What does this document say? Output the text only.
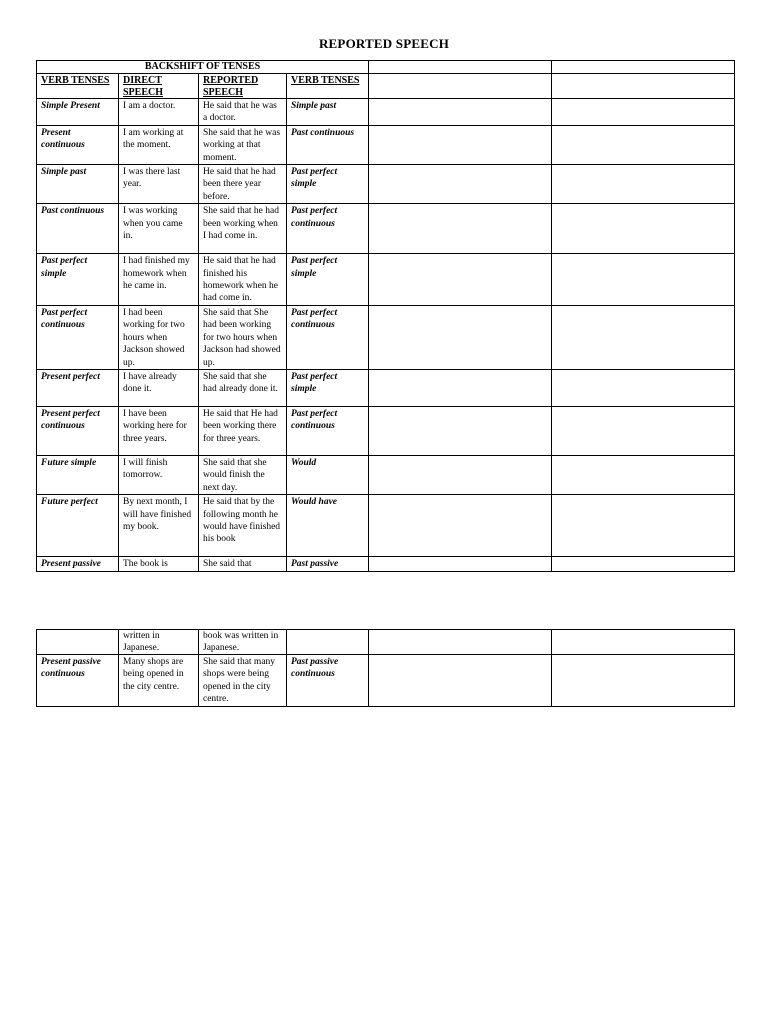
REPORTED SPEECH
BACKSHIFT OF TENSES					
VERB TENSES	DIRECT SPEECH	REPORTED SPEECH	VERB TENSES		
Simple Present	I am a doctor.	He said that he was a doctor.	Simple past		
Present continuous	I am working at the moment.	She said that he was working at that moment.	Past continuous		
Simple past	I was there last year.	He said that he had been there year before.	Past perfect simple		
Past continuous	I was working when you came in.	She said that he had been working when I had come in.	Past perfect continuous		
Past perfect simple	I had finished my homework when he came in.	He said that he had finished his homework when he had come in.	Past perfect simple		
Past perfect continuous	I had been working for two hours when Jackson showed up.	She said that She had been working for two hours when Jackson had showed up.	Past perfect continuous		
Present perfect	I have already done it.	She said that she had already done it.	Past perfect simple		
Present perfect continuous	I have been working here for three years.	He said that He had been working there for three years.	Past perfect continuous		
Future simple	I will finish tomorrow.	She said that she would finish the next day.	Would		
Future perfect	By next month, I will have finished my book.	He said that by the following month he would have finished his book	Would have		
Present passive	The book is	She said that	Past passive		
	written in Japanese.	book was written in Japanese.			
Present passive continuous	Many shops are being opened in the city centre.	She said that many shops were being opened in the city centre.	Past passive continuous		
